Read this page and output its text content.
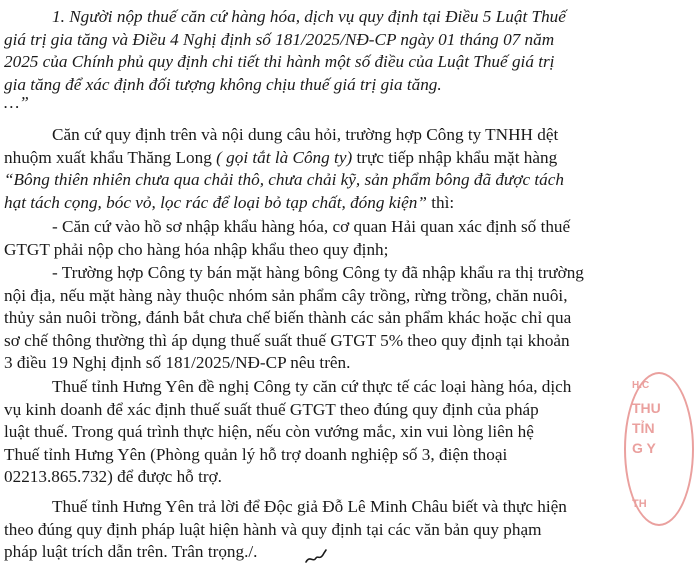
1. Người nộp thuế căn cứ hàng hóa, dịch vụ quy định tại Điều 5 Luật Thuế
giá trị gia tăng và Điều 4 Nghị định số 181/2025/NĐ-CP ngày 01 tháng 07 năm
2025 của Chính phủ quy định chi tiết thi hành một số điều của Luật Thuế giá trị
gia tăng để xác định đối tượng không chịu thuế giá trị gia tăng.
…”
Căn cứ quy định trên và nội dung câu hỏi, trường hợp Công ty TNHH dệt
nhuộm xuất khẩu Thăng Long ( gọi tắt là Công ty) trực tiếp nhập khẩu mặt hàng
“Bông thiên nhiên chưa qua chải thô, chưa chải kỹ, sản phẩm bông đã được tách
hạt tách cọng, bóc vỏ, lọc rác để loại bỏ tạp chất, đóng kiện” thì:
- Căn cứ vào hồ sơ nhập khẩu hàng hóa, cơ quan Hải quan xác định số thuế
GTGT phải nộp cho hàng hóa nhập khẩu theo quy định;
- Trường hợp Công ty bán mặt hàng bông Công ty đã nhập khẩu ra thị trường
nội địa, nếu mặt hàng này thuộc nhóm sản phẩm cây trồng, rừng trồng, chăn nuôi,
thủy sản nuôi trồng, đánh bắt chưa chế biến thành các sản phẩm khác hoặc chỉ qua
sơ chế thông thường thì áp dụng thuế suất thuế GTGT 5% theo quy định tại khoản
3 điều 19 Nghị định số 181/2025/NĐ-CP nêu trên.
Thuế tỉnh Hưng Yên đề nghị Công ty căn cứ thực tế các loại hàng hóa, dịch
vụ kinh doanh để xác định thuế suất thuế GTGT theo đúng quy định của pháp
luật thuế. Trong quá trình thực hiện, nếu còn vướng mắc, xin vui lòng liên hệ
Thuế tỉnh Hưng Yên (Phòng quản lý hỗ trợ doanh nghiệp số 3, điện thoại
02213.865.732) để được hỗ trợ.
Thuế tỉnh Hưng Yên trả lời để Độc giả Đỗ Lê Minh Châu biết và thực hiện
theo đúng quy định pháp luật hiện hành và quy định tại các văn bản quy phạm
pháp luật trích dẫn trên. Trân trọng./.
H.C
THU
TỈN
G Y
TH
